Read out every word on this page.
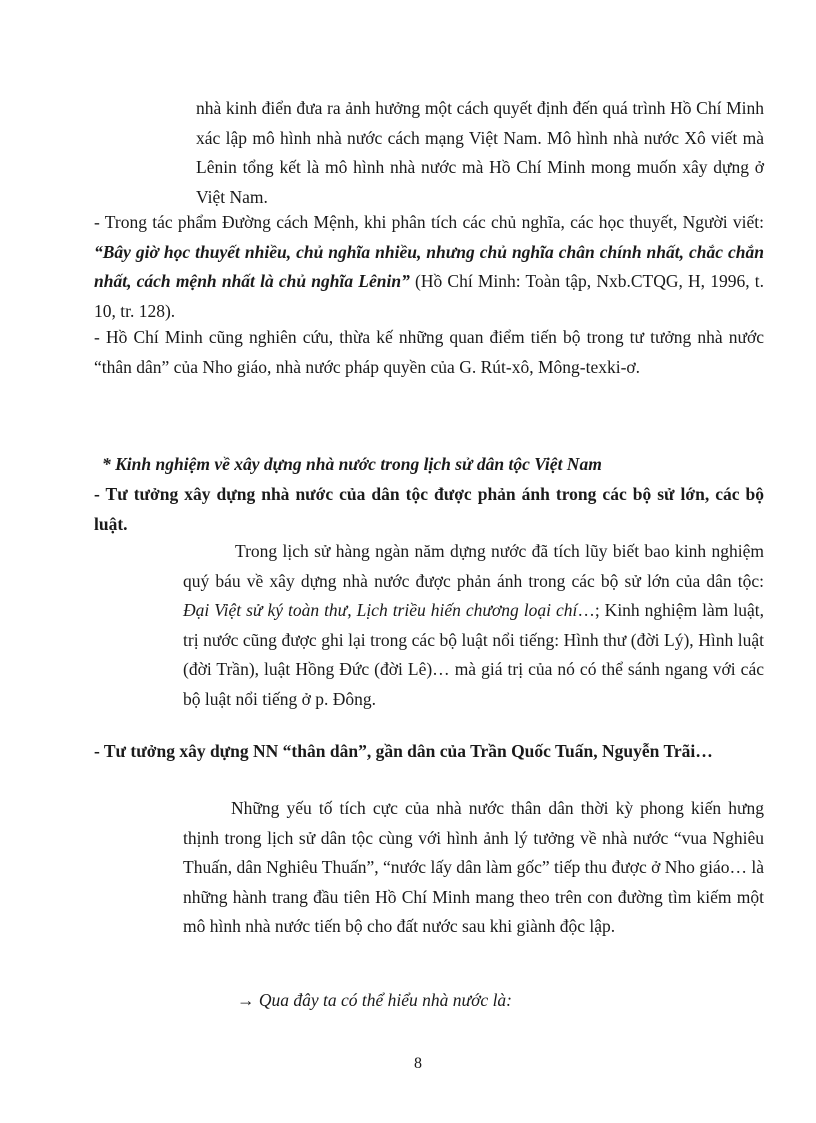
nhà kinh điển đưa ra ảnh hưởng một cách quyết định đến quá trình Hồ Chí Minh xác lập mô hình nhà nước cách mạng Việt Nam. Mô hình nhà nước Xô viết mà Lênin tổng kết là mô hình nhà nước mà Hồ Chí Minh mong muốn xây dựng ở Việt Nam.

- Trong tác phẩm Đường cách Mệnh, khi phân tích các chủ nghĩa, các học thuyết, Người viết: “Bây giờ học thuyết nhiều, chủ nghĩa nhiều, nhưng chủ nghĩa chân chính nhất, chắc chắn nhất, cách mệnh nhất là chủ nghĩa Lênin” (Hồ Chí Minh: Toàn tập, Nxb.CTQG, H, 1996, t. 10, tr. 128).

- Hồ Chí Minh cũng nghiên cứu, thừa kế những quan điểm tiến bộ trong tư tưởng nhà nước “thân dân” của Nho giáo, nhà nước pháp quyền của G. Rút-xô, Mông-texki-ơ.

* Kinh nghiệm về xây dựng nhà nước trong lịch sử dân tộc Việt Nam

- Tư tưởng xây dựng nhà nước của dân tộc được phản ánh trong các bộ sử lớn, các bộ luật.

Trong lịch sử hàng ngàn năm dựng nước đã tích lũy biết bao kinh nghiệm quý báu về xây dựng nhà nước được phản ánh trong các bộ sử lớn của dân tộc: Đại Việt sử ký toàn thư, Lịch triều hiến chương loại chí…; Kinh nghiệm làm luật, trị nước cũng được ghi lại trong các bộ luật nổi tiếng: Hình thư (đời Lý), Hình luật (đời Trần), luật Hồng Đức (đời Lê)… mà giá trị của nó có thể sánh ngang với các bộ luật nổi tiếng ở p. Đông.

- Tư tưởng xây dựng NN “thân dân”, gần dân của Trần Quốc Tuấn, Nguyễn Trãi…

Những yếu tố tích cực của nhà nước thân dân thời kỳ phong kiến hưng thịnh trong lịch sử dân tộc cùng với hình ảnh lý tưởng về nhà nước “vua Nghiêu Thuấn, dân Nghiêu Thuấn”, “nước lấy dân làm gốc” tiếp thu được ở Nho giáo… là những hành trang đầu tiên Hồ Chí Minh mang theo trên con đường tìm kiếm một mô hình nhà nước tiến bộ cho đất nước sau khi giành độc lập.

→ Qua đây ta có thể hiểu nhà nước là:

8
